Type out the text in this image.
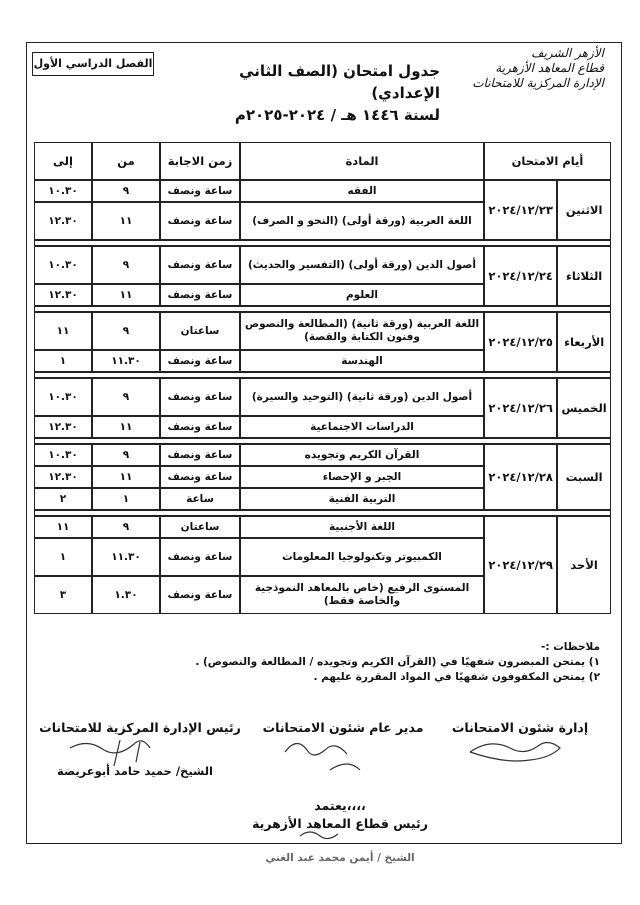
الأزهر الشريف
قطاع المعاهد الأزهرية
الإدارة المركزية للامتحانات
جدول امتحان (الصف الثاني الإعدادي)
لسنة ١٤٤٦ هـ / ٢٠٢٤-٢٠٢٥م
الفصل الدراسي الأول
أيام الامتحان		المادة	زمن الاجابة	من	إلى
الاثنين	٢٠٢٤/١٢/٢٣	الفقه	ساعة ونصف	٩	١٠.٣٠
		اللغة العربية (ورقة أولى) (النحو و الصرف)	ساعة ونصف	١١	١٢.٣٠

الثلاثاء	٢٠٢٤/١٢/٢٤	أصول الدين (ورقة أولى) (التفسير والحديث)	ساعة ونصف	٩	١٠.٣٠
		العلوم	ساعة ونصف	١١	١٢.٣٠

الأربعاء	٢٠٢٤/١٢/٢٥	اللغة العربية (ورقة ثانية) (المطالعة والنصوص وفنون الكتابة والقصة)	ساعتان	٩	١١
		الهندسة	ساعة ونصف	١١.٣٠	١

الخميس	٢٠٢٤/١٢/٢٦	أصول الدين (ورقة ثانية) (التوحيد والسيرة)	ساعة ونصف	٩	١٠.٣٠
		الدراسات الاجتماعية	ساعة ونصف	١١	١٢.٣٠

السبت	٢٠٢٤/١٢/٢٨	القرآن الكريم وتجويده	ساعة ونصف	٩	١٠.٣٠
		الجبر و الإحصاء	ساعة ونصف	١١	١٢.٣٠
		التربية الفنية	ساعة	١	٢

الأحد	٢٠٢٤/١٢/٢٩	اللغة الأجنبية	ساعتان	٩	١١
		الكمبيوتر وتكنولوجيا المعلومات	ساعة ونصف	١١.٣٠	١
		المستوى الرفيع (خاص بالمعاهد النموذجية والخاصة فقط)	ساعة ونصف	١.٣٠	٣
ملاحظات :-
١) يمتحن المبصرون شفهيًا في (القرآن الكريم وتجويده / المطالعة والنصوص) .
٢) يمتحن المكفوفون شفهيًا في المواد المقررة عليهم .
إدارة شئون الامتحانات
مدير عام شئون الامتحانات
رئيس الإدارة المركزية للامتحانات
الشيخ/ حميد حامد أبوعريضة
يعتمد،،،،
رئيس قطاع المعاهد الأزهرية
الشيخ / أيمن محمد عبد الغني
